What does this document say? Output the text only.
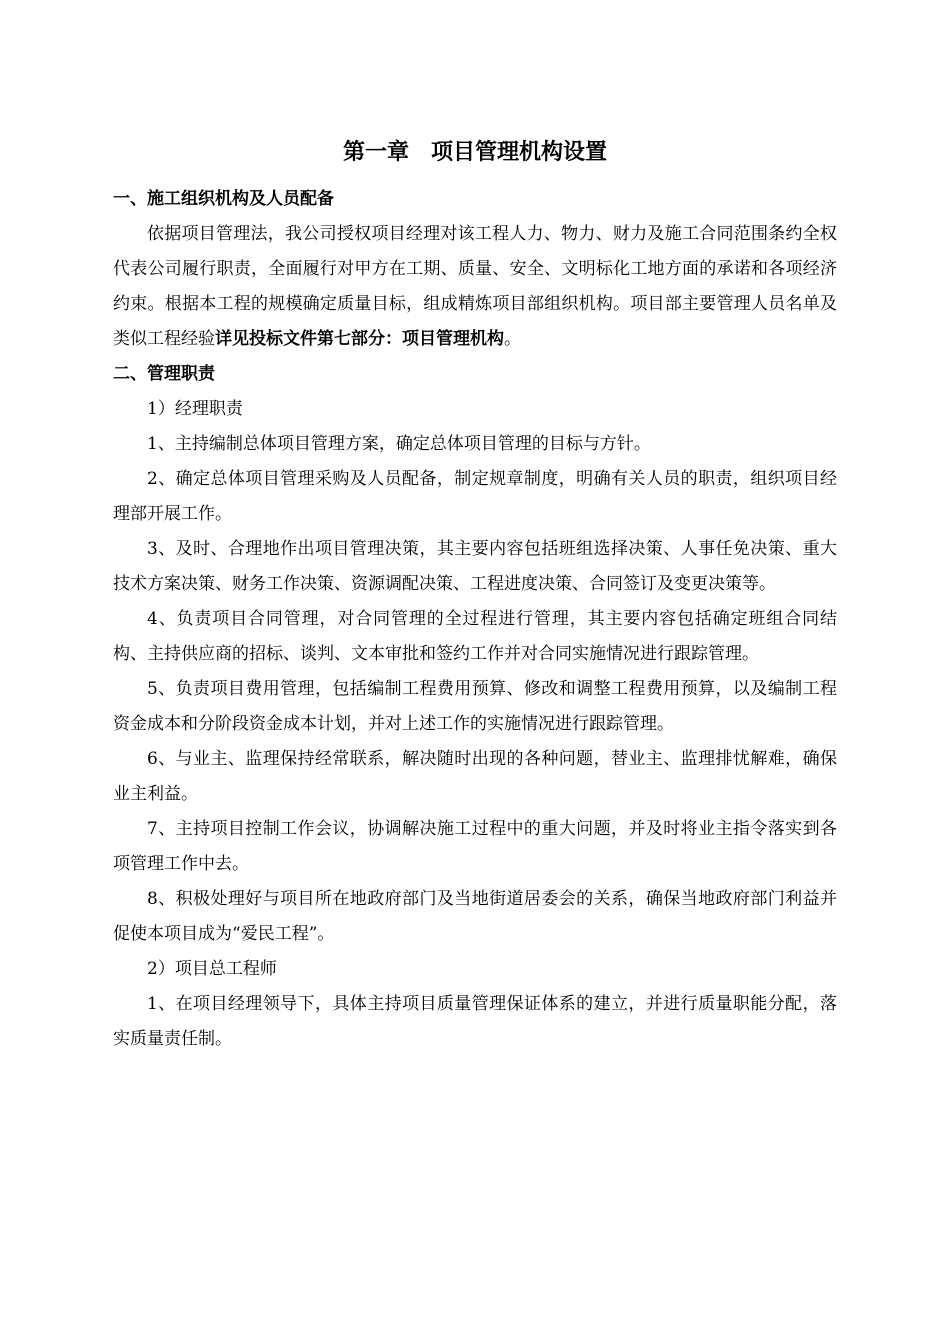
第一章　项目管理机构设置

一、施工组织机构及人员配备

依据项目管理法，我公司授权项目经理对该工程人力、物力、财力及施工合同范围条约全权代表公司履行职责，全面履行对甲方在工期、质量、安全、文明标化工地方面的承诺和各项经济约束。根据本工程的规模确定质量目标，组成精炼项目部组织机构。项目部主要管理人员名单及类似工程经验详见投标文件第七部分：项目管理机构。

二、管理职责

1）经理职责

1、主持编制总体项目管理方案，确定总体项目管理的目标与方针。

2、确定总体项目管理采购及人员配备，制定规章制度，明确有关人员的职责，组织项目经理部开展工作。

3、及时、合理地作出项目管理决策，其主要内容包括班组选择决策、人事任免决策、重大技术方案决策、财务工作决策、资源调配决策、工程进度决策、合同签订及变更决策等。

4、负责项目合同管理，对合同管理的全过程进行管理，其主要内容包括确定班组合同结构、主持供应商的招标、谈判、文本审批和签约工作并对合同实施情况进行跟踪管理。

5、负责项目费用管理，包括编制工程费用预算、修改和调整工程费用预算，以及编制工程资金成本和分阶段资金成本计划，并对上述工作的实施情况进行跟踪管理。

6、与业主、监理保持经常联系，解决随时出现的各种问题，替业主、监理排忧解难，确保业主利益。

7、主持项目控制工作会议，协调解决施工过程中的重大问题，并及时将业主指令落实到各项管理工作中去。

8、积极处理好与项目所在地政府部门及当地街道居委会的关系，确保当地政府部门利益并促使本项目成为“爱民工程”。

2）项目总工程师

1、在项目经理领导下，具体主持项目质量管理保证体系的建立，并进行质量职能分配，落实质量责任制。
